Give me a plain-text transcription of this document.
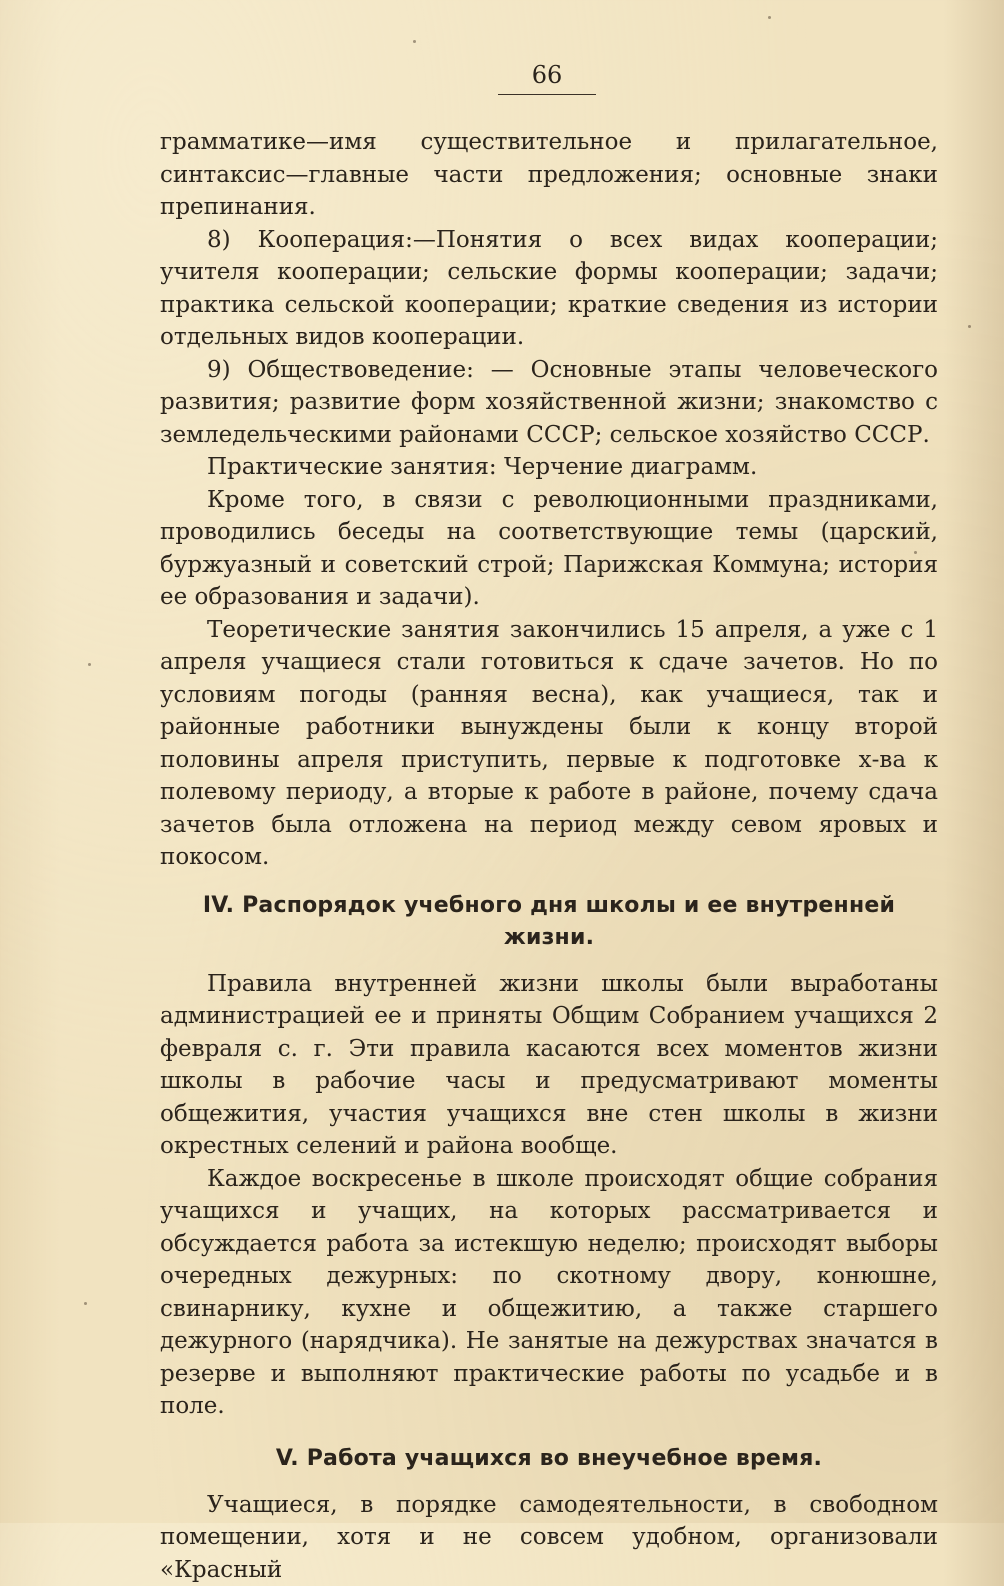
66

грамматике—имя существительное и прилагательное, синтаксис—главные части предложения; основные знаки препинания.

8) Кооперация:—Понятия о всех видах кооперации; учителя кооперации; сельские формы кооперации; задачи; практика сельской кооперации; краткие сведения из истории отдельных видов кооперации.

9) Обществоведение: — Основные этапы человеческого развития; развитие форм хозяйственной жизни; знакомство с земледельческими районами СССР; сельское хозяйство СССР.

Практические занятия: Черчение диаграмм.

Кроме того, в связи с революционными праздниками, проводились беседы на соответствующие темы (царский, буржуазный и советский строй; Парижская Коммуна; история ее образования и задачи).

Теоретические занятия закончились 15 апреля, а уже с 1 апреля учащиеся стали готовиться к сдаче зачетов. Но по условиям погоды (ранняя весна), как учащиеся, так и районные работники вынуждены были к концу второй половины апреля приступить, первые к подготовке х-ва к полевому периоду, а вторые к работе в районе, почему сдача зачетов была отложена на период между севом яровых и покосом.

IV. Распорядок учебного дня школы и ее внутренней жизни.

Правила внутренней жизни школы были выработаны администрацией ее и приняты Общим Собранием учащихся 2 февраля с. г. Эти правила касаются всех моментов жизни школы в рабочие часы и предусматривают моменты общежития, участия учащихся вне стен школы в жизни окрестных селений и района вообще.

Каждое воскресенье в школе происходят общие собрания учащихся и учащих, на которых рассматривается и обсуждается работа за истекшую неделю; происходят выборы очередных дежурных: по скотному двору, конюшне, свинарнику, кухне и общежитию, а также старшего дежурного (нарядчика). Не занятые на дежурствах значатся в резерве и выполняют практические работы по усадьбе и в поле.

V. Работа учащихся во внеучебное время.

Учащиеся, в порядке самодеятельности, в свободном помещении, хотя и не совсем удобном, организовали «Красный
